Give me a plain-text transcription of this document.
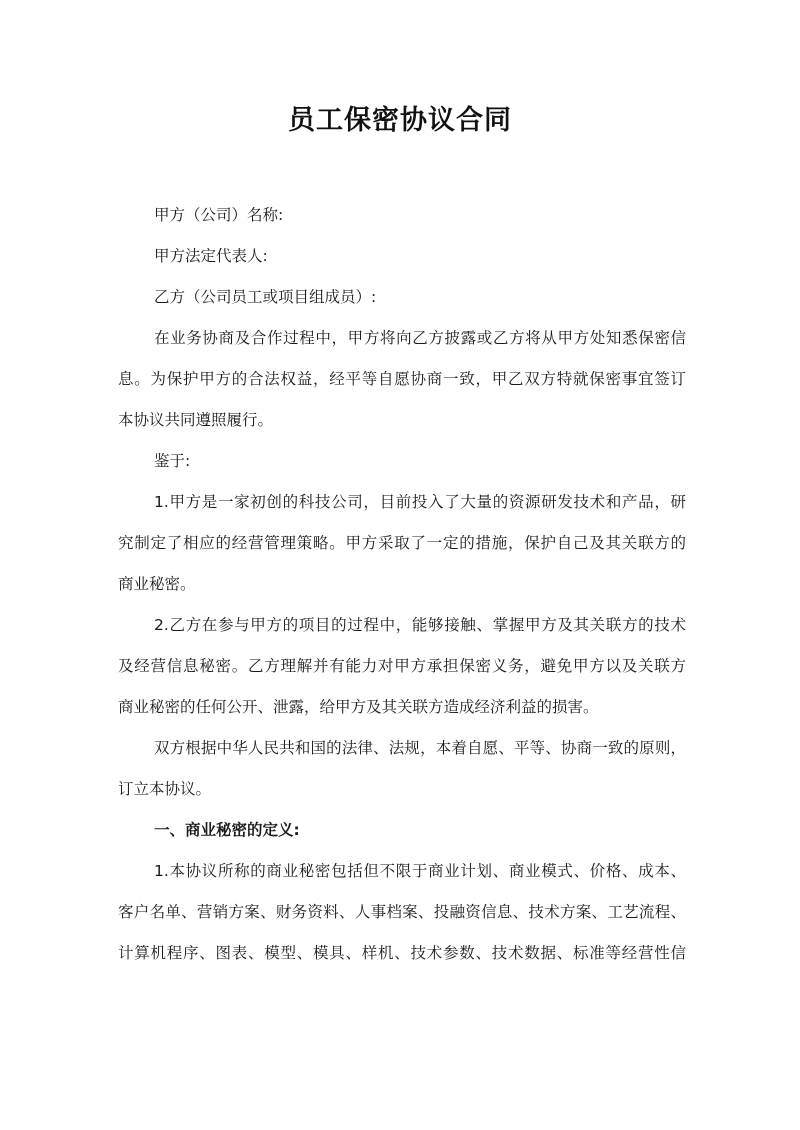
员工保密协议合同
甲方（公司）名称:
甲方法定代表人:
乙方（公司员工或项目组成员）:
在业务协商及合作过程中，甲方将向乙方披露或乙方将从甲方处知悉保密信
息。为保护甲方的合法权益，经平等自愿协商一致，甲乙双方特就保密事宜签订
本协议共同遵照履行。
鉴于:
1.甲方是一家初创的科技公司，目前投入了大量的资源研发技术和产品，研
究制定了相应的经营管理策略。甲方采取了一定的措施，保护自己及其关联方的
商业秘密。
2.乙方在参与甲方的项目的过程中，能够接触、掌握甲方及其关联方的技术
及经营信息秘密。乙方理解并有能力对甲方承担保密义务，避免甲方以及关联方
商业秘密的任何公开、泄露，给甲方及其关联方造成经济利益的损害。
双方根据中华人民共和国的法律、法规，本着自愿、平等、协商一致的原则，
订立本协议。
一、商业秘密的定义:
1.本协议所称的商业秘密包括但不限于商业计划、商业模式、价格、成本、
客户名单、营销方案、财务资料、人事档案、投融资信息、技术方案、工艺流程、
计算机程序、图表、模型、模具、样机、技术参数、技术数据、标准等经营性信
